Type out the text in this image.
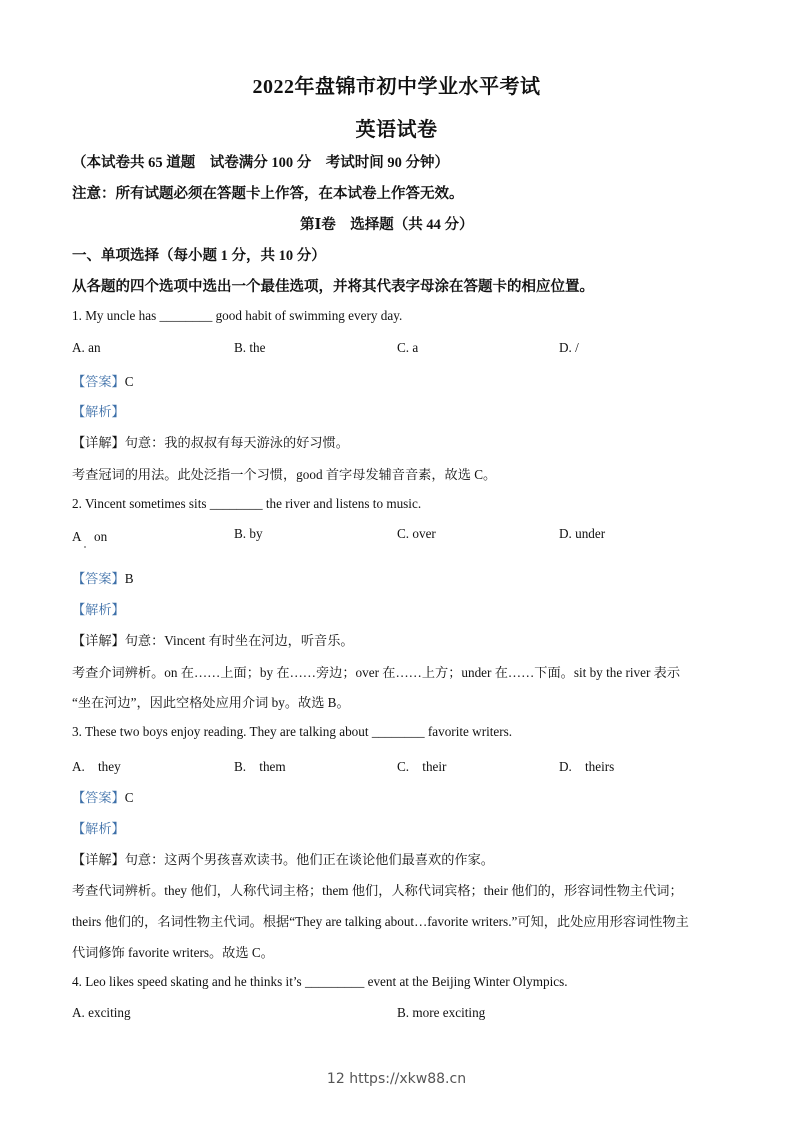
2022年盘锦市初中学业水平考试
英语试卷
（本试卷共 65 道题　试卷满分 100 分　考试时间 90 分钟）
注意：所有试题必须在答题卡上作答，在本试卷上作答无效。
第Ⅰ卷　选择题（共 44 分）
一、单项选择（每小题 1 分，共 10 分）
从各题的四个选项中选出一个最佳选项，并将其代表字母涂在答题卡的相应位置。
1. My uncle has ________ good habit of swimming every day.
A. an	B. the	C. a	D. /
【答案】C
【解析】
【详解】句意：我的叔叔有每天游泳的好习惯。
考查冠词的用法。此处泛指一个习惯，good 首字母发辅音音素，故选 C。
2. Vincent sometimes sits ________ the river and listens to music.
A　on	B. by	C. over	D. under
【答案】B
【解析】
【详解】句意：Vincent 有时坐在河边，听音乐。
考查介词辨析。on 在……上面；by 在……旁边；over 在……上方；under 在……下面。sit by the river 表示
“坐在河边”，因此空格处应用介词 by。故选 B。
3. These two boys enjoy reading. They are talking about ________ favorite writers.
A.　they	B.　them	C.　their	D.　theirs
【答案】C
【解析】
【详解】句意：这两个男孩喜欢读书。他们正在谈论他们最喜欢的作家。
考查代词辨析。they 他们，人称代词主格；them 他们，人称代词宾格；their 他们的，形容词性物主代词；
theirs 他们的，名词性物主代词。根据“They are talking about…favorite writers.”可知，此处应用形容词性物主
代词修饰 favorite writers。故选 C。
4. Leo likes speed skating and he thinks it’s _________ event at the Beijing Winter Olympics.
A. exciting	B. more exciting
12 https://xkw88.cn
